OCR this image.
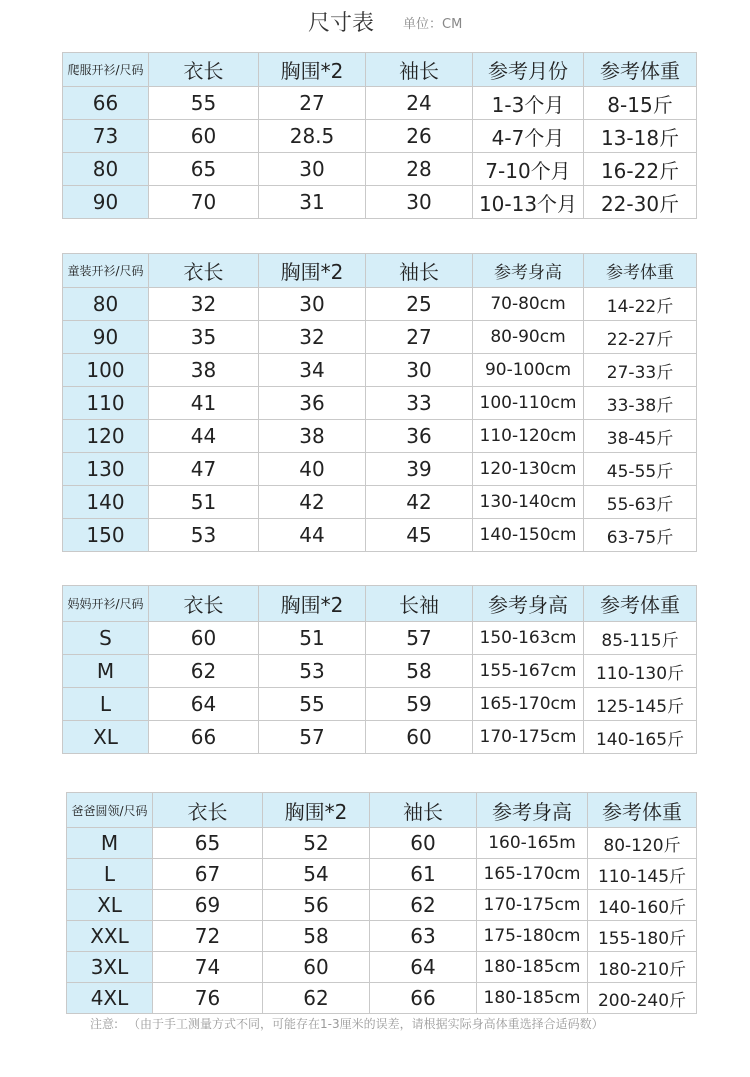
尺寸表 单位：CM
爬服开衫/尺码	衣长	胸围*2	袖长	参考月份	参考体重
66	55	27	24	1-3个月	8-15斤
73	60	28.5	26	4-7个月	13-18斤
80	65	30	28	7-10个月	16-22斤
90	70	31	30	10-13个月	22-30斤
童装开衫/尺码	衣长	胸围*2	袖长	参考身高	参考体重
80	32	30	25	70-80cm	14-22斤
90	35	32	27	80-90cm	22-27斤
100	38	34	30	90-100cm	27-33斤
110	41	36	33	100-110cm	33-38斤
120	44	38	36	110-120cm	38-45斤
130	47	40	39	120-130cm	45-55斤
140	51	42	42	130-140cm	55-63斤
150	53	44	45	140-150cm	63-75斤
妈妈开衫/尺码	衣长	胸围*2	长袖	参考身高	参考体重
S	60	51	57	150-163cm	85-115斤
M	62	53	58	155-167cm	110-130斤
L	64	55	59	165-170cm	125-145斤
XL	66	57	60	170-175cm	140-165斤
爸爸圆领/尺码	衣长	胸围*2	袖长	参考身高	参考体重
M	65	52	60	160-165m	80-120斤
L	67	54	61	165-170cm	110-145斤
XL	69	56	62	170-175cm	140-160斤
XXL	72	58	63	175-180cm	155-180斤
3XL	74	60	64	180-185cm	180-210斤
4XL	76	62	66	180-185cm	200-240斤
注意: （由于手工测量方式不同，可能存在1-3厘米的误差，请根据实际身高体重选择合适码数）
